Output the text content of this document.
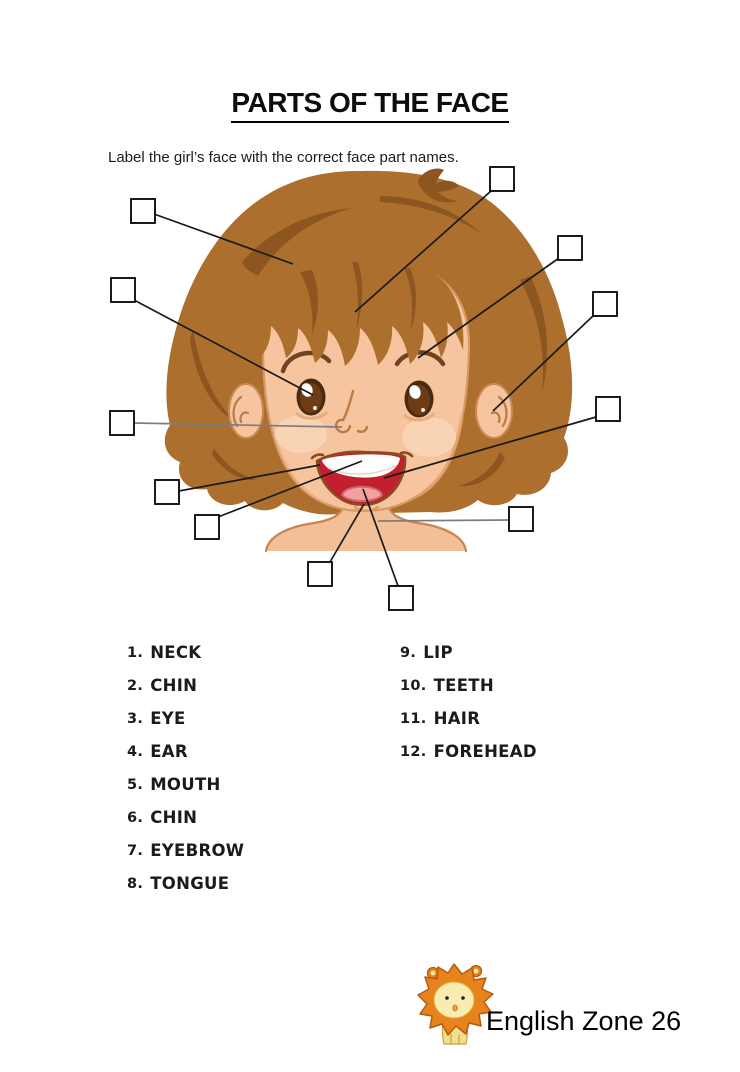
PARTS OF THE FACE

Label the girl’s face with the correct face part names.

1. NECK
2. CHIN
3. EYE
4. EAR
5. MOUTH
6. CHIN
7. EYEBROW
8. TONGUE
9. LIP
10. TEETH
11. HAIR
12. FOREHEAD
English Zone 26
